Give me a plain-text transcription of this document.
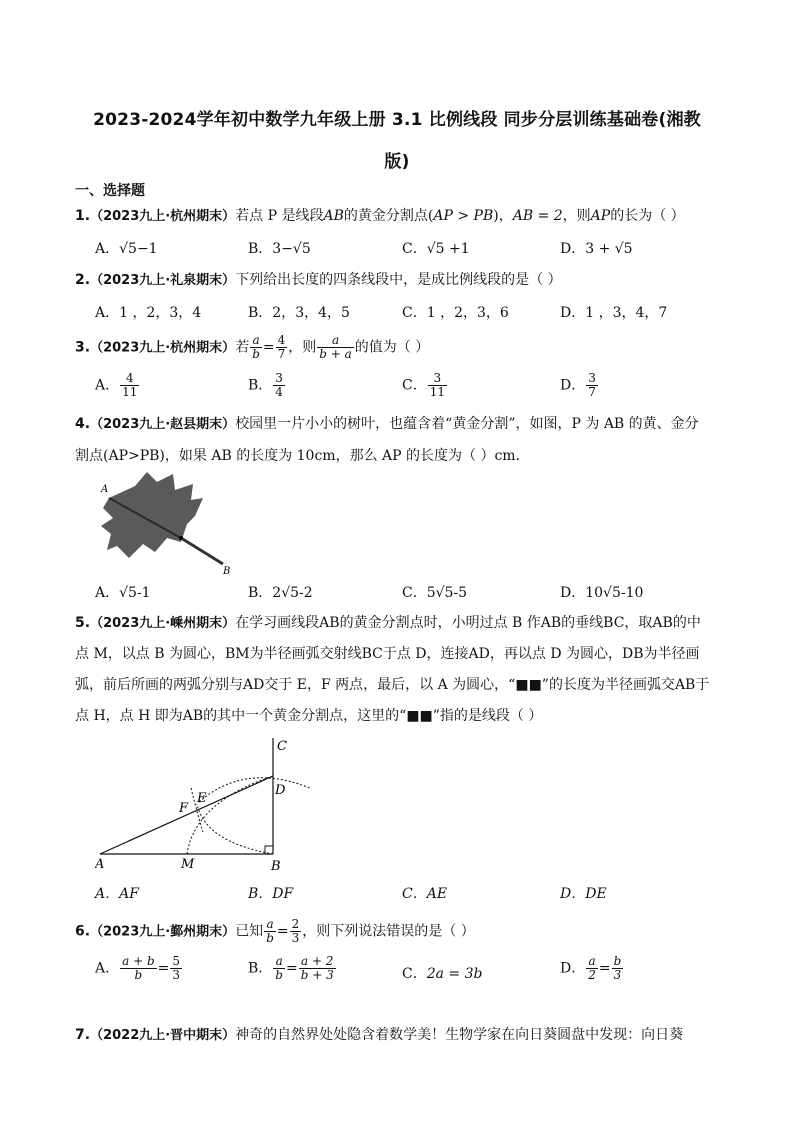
2023-2024学年初中数学九年级上册 3.1 比例线段 同步分层训练基础卷(湘教
版)
一、选择题
1.（2023九上·杭州期末）若点 P 是线段AB的黄金分割点(AP > PB)，AB = 2，则AP的长为（ ）
A．√5−1	B．3−√5	C．√5 +1	D．3 + √5
2.（2023九上·礼泉期末）下列给出长度的四条线段中，是成比例线段的是（ ）
A．1 ，2，3，4	B．2，3，4，5	C．1 ，2，3，6	D．1 ，3，4，7
3.（2023九上·杭州期末）若 $\frac{a}{b} = \frac{4}{7}$ ，则 $\frac{a}{b + a}$ 的值为（ ）
A． $\frac{4}{11}$	B． $\frac{3}{4}$	C． $\frac{3}{11}$	D． $\frac{3}{7}$
4.（2023九上·赵县期末）校园里一片小小的树叶，也蕴含着“黄金分割”，如图，P 为 AB 的黄、金分
割点(AP>PB)，如果 AB 的长度为 10cm，那么 AP 的长度为（ ）cm．
A
P
B
A．√5-1	B．2√5-2	C．5√5-5	D．10√5-10
5.（2023九上·嵊州期末）在学习画线段AB的黄金分割点时，小明过点 B 作AB的垂线BC，取AB的中
点 M，以点 B 为圆心，BM为半径画弧交射线BC于点 D，连接AD，再以点 D 为圆心，DB为半径画
弧，前后所画的两弧分别与AD交于 E，F 两点，最后，以 A 为圆心，“■■”的长度为半径画弧交AB于
点 H，点 H 即为AB的其中一个黄金分割点，这里的“■■”指的是线段（ ）
A	M	B
C
D
E
F
A．AF	B．DF	C．AE	D．DE
6.（2023九上·鄞州期末）已知 $\frac{a}{b} = \frac{2}{3}$ ，则下列说法错误的是（ ）
A． $\frac{a + b}{b} = \frac{5}{3}$	B． $\frac{a}{b} = \frac{a + 2}{b + 3}$	C．2a = 3b	D． $\frac{a}{2} = \frac{b}{3}$
7.（2022九上·晋中期末）神奇的自然界处处隐含着数学美！生物学家在向日葵圆盘中发现：向日葵
